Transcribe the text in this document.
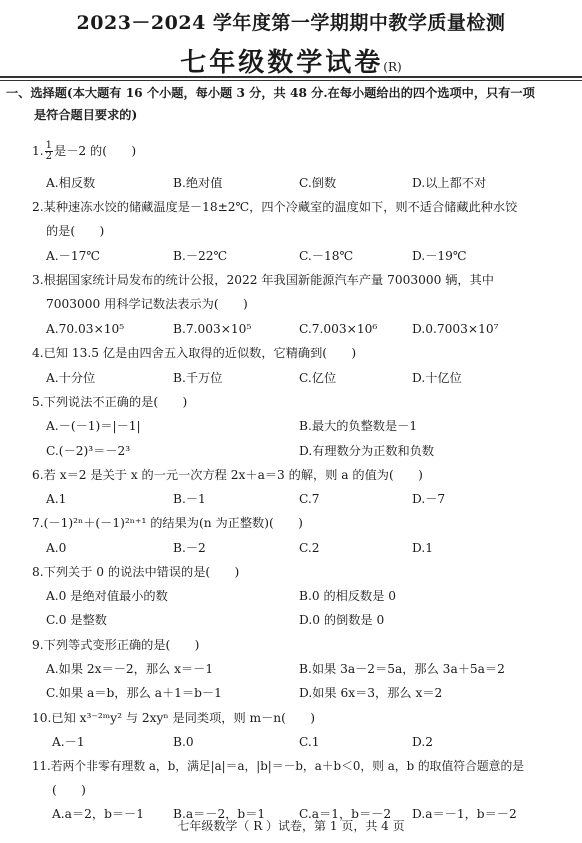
2023－2024 学年度第一学期期中教学质量检测
七年级数学试卷(R)
一、选择题(本大题有 16 个小题，每小题 3 分，共 48 分.在每小题给出的四个选项中，只有一项
是符合题目要求的)
1. $\frac{1}{2}$ 是－2 的(　　)
A.相反数	B.绝对值	C.倒数	D.以上都不对
2.某种速冻水饺的储藏温度是－18±2℃，四个冷藏室的温度如下，则不适合储藏此种水饺
的是(　　)
A.－17℃	B.－22℃	C.－18℃	D.－19℃
3.根据国家统计局发布的统计公报，2022 年我国新能源汽车产量 7003000 辆，其中
7003000 用科学记数法表示为(　　)
A.70.03×10⁵	B.7.003×10⁵	C.7.003×10⁶	D.0.7003×10⁷
4.已知 13.5 亿是由四舍五入取得的近似数，它精确到(　　)
A.十分位	B.千万位	C.亿位	D.十亿位
5.下列说法不正确的是(　　)
A.－(－1)＝|－1|	B.最大的负整数是－1
C.(－2)³＝－2³	D.有理数分为正数和负数
6.若 x＝2 是关于 x 的一元一次方程 2x＋a＝3 的解，则 a 的值为(　　)
A.1	B.－1	C.7	D.－7
7.(－1)²ⁿ＋(－1)²ⁿ⁺¹ 的结果为(n 为正整数)(　　)
A.0	B.－2	C.2	D.1
8.下列关于 0 的说法中错误的是(　　)
A.0 是绝对值最小的数	B.0 的相反数是 0
C.0 是整数	D.0 的倒数是 0
9.下列等式变形正确的是(　　)
A.如果 2x＝－2，那么 x＝－1	B.如果 3a－2＝5a，那么 3a＋5a＝2
C.如果 a＝b，那么 a＋1＝b－1	D.如果 6x＝3，那么 x＝2
10.已知 x³⁻²ᵐy² 与 2xyⁿ 是同类项，则 m－n(　　)
A.－1	B.0	C.1	D.2
11.若两个非零有理数 a，b，满足|a|＝a，|b|＝－b，a＋b＜0，则 a，b 的取值符合题意的是
(　　)
A.a＝2，b＝－1 B.a＝－2，b＝1	C.a＝1，b＝－2 D.a＝－1，b＝－2
七年级数学（ R ）试卷，第 1 页，共 4 页
